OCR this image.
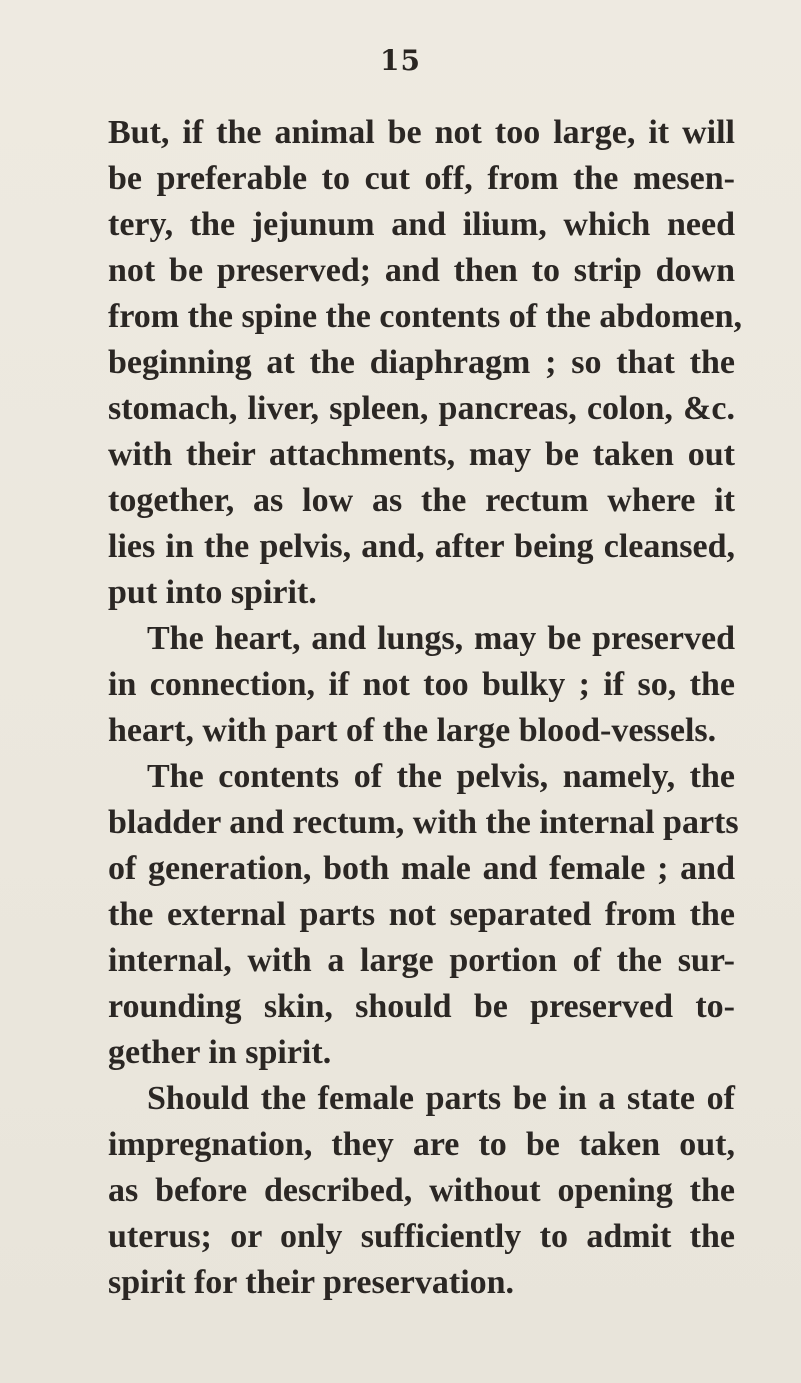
15
But, if the animal be not too large, it will
be preferable to cut off, from the mesen-
tery, the jejunum and ilium, which need
not be preserved; and then to strip down
from the spine the contents of the abdomen,
beginning at the diaphragm ; so that the
stomach, liver, spleen, pancreas, colon, &c.
with their attachments, may be taken out
together, as low as the rectum where it
lies in the pelvis, and, after being cleansed,
put into spirit.
The heart, and lungs, may be preserved
in connection, if not too bulky ; if so, the
heart, with part of the large blood-vessels.
The contents of the pelvis, namely, the
bladder and rectum, with the internal parts
of generation, both male and female ; and
the external parts not separated from the
internal, with a large portion of the sur-
rounding skin, should be preserved to-
gether in spirit.
Should the female parts be in a state of
impregnation, they are to be taken out,
as before described, without opening the
uterus; or only sufficiently to admit the
spirit for their preservation.
